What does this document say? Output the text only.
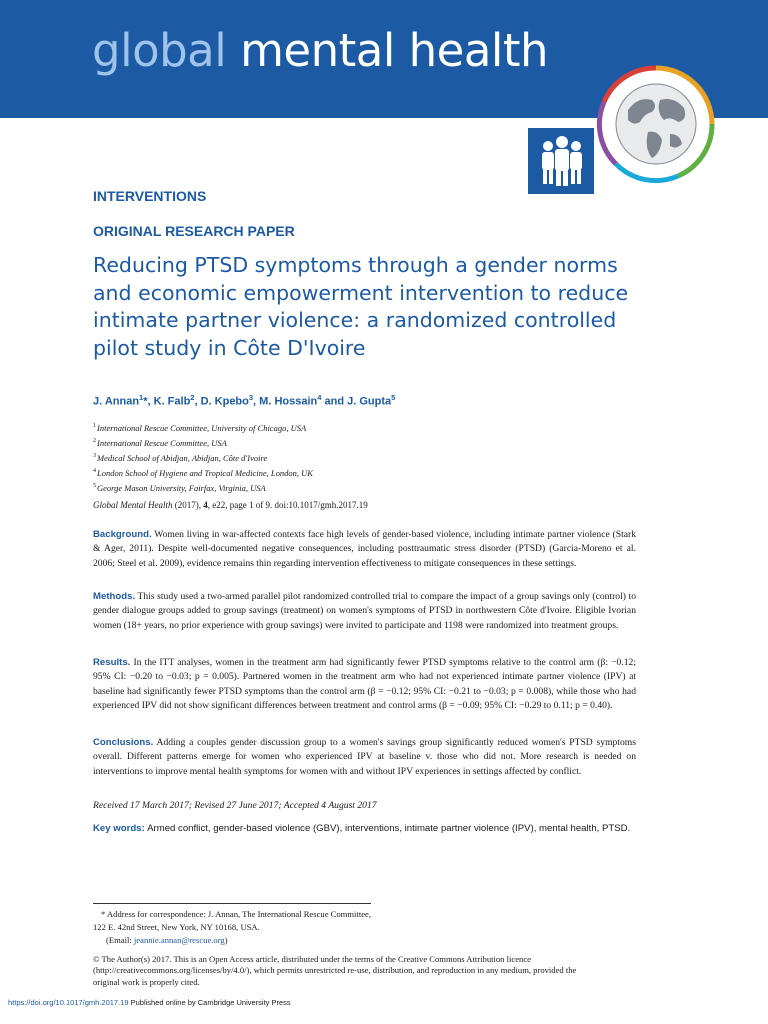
global mental health
INTERVENTIONS
ORIGINAL RESEARCH PAPER
Reducing PTSD symptoms through a gender norms and economic empowerment intervention to reduce intimate partner violence: a randomized controlled pilot study in Côte D'Ivoire
J. Annan$^1$*, K. Falb$^2$, D. Kpebo$^3$, M. Hossain$^4$ and J. Gupta$^5$
$^1$International Rescue Committee, University of Chicago, USA
$^2$International Rescue Committee, USA
$^3$Medical School of Abidjan, Abidjan, Côte d'Ivoire
$^4$London School of Hygiene and Tropical Medicine, London, UK
$^5$George Mason University, Fairfax, Virginia, USA
Global Mental Health (2017), 4, e22, page 1 of 9. doi:10.1017/gmh.2017.19
Background. Women living in war-affected contexts face high levels of gender-based violence, including intimate partner violence (Stark & Ager, 2011). Despite well-documented negative consequences, including posttraumatic stress disorder (PTSD) (Garcia-Moreno et al. 2006; Steel et al. 2009), evidence remains thin regarding intervention effectiveness to mitigate consequences in these settings.
Methods. This study used a two-armed parallel pilot randomized controlled trial to compare the impact of a group savings only (control) to gender dialogue groups added to group savings (treatment) on women's symptoms of PTSD in northwestern Côte d'Ivoire. Eligible Ivorian women (18+ years, no prior experience with group savings) were invited to participate and 1198 were randomized into treatment groups.
Results. In the ITT analyses, women in the treatment arm had significantly fewer PTSD symptoms relative to the control arm (β: −0.12; 95% CI: −0.20 to −0.03; p = 0.005). Partnered women in the treatment arm who had not experienced intimate partner violence (IPV) at baseline had significantly fewer PTSD symptoms than the control arm (β = −0.12; 95% CI: −0.21 to −0.03; p = 0.008), while those who had experienced IPV did not show significant differences between treatment and control arms (β = −0.09; 95% CI: −0.29 to 0.11; p = 0.40).
Conclusions. Adding a couples gender discussion group to a women's savings group significantly reduced women's PTSD symptoms overall. Different patterns emerge for women who experienced IPV at baseline v. those who did not. More research is needed on interventions to improve mental health symptoms for women with and without IPV experiences in settings affected by conflict.
Received 17 March 2017; Revised 27 June 2017; Accepted 4 August 2017
Key words: Armed conflict, gender-based violence (GBV), interventions, intimate partner violence (IPV), mental health, PTSD.
* Address for correspondence: J. Annan, The International Rescue Committee, 122 E. 42nd Street, New York, NY 10168, USA.
(Email: jeannie.annan@rescue.org)
© The Author(s) 2017. This is an Open Access article, distributed under the terms of the Creative Commons Attribution licence (http://creativecommons.org/licenses/by/4.0/), which permits unrestricted re-use, distribution, and reproduction in any medium, provided the original work is properly cited.
https://doi.org/10.1017/gmh.2017.19 Published online by Cambridge University Press
